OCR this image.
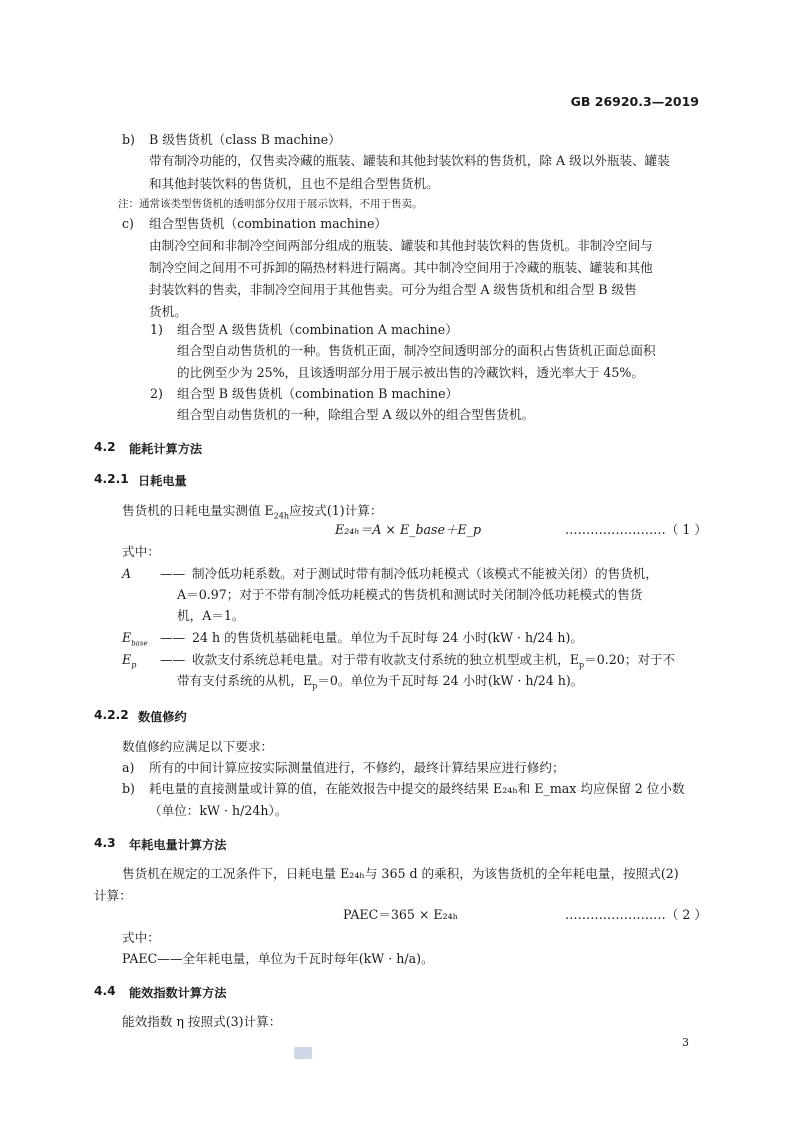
GB 26920.3—2019
b) B 级售货机（class B machine）
带有制冷功能的，仅售卖冷藏的瓶装、罐装和其他封装饮料的售货机，除 A 级以外瓶装、罐装
和其他封装饮料的售货机，且也不是组合型售货机。
注：通常该类型售货机的透明部分仅用于展示饮料，不用于售卖。
c) 组合型售货机（combination machine）
由制冷空间和非制冷空间两部分组成的瓶装、罐装和其他封装饮料的售货机。非制冷空间与
制冷空间之间用不可拆卸的隔热材料进行隔离。其中制冷空间用于冷藏的瓶装、罐装和其他
封装饮料的售卖，非制冷空间用于其他售卖。可分为组合型 A 级售货机和组合型 B 级售
货机。
1) 组合型 A 级售货机（combination A machine）
组合型自动售货机的一种。售货机正面，制冷空间透明部分的面积占售货机正面总面积
的比例至少为 25%，且该透明部分用于展示被出售的冷藏饮料，透光率大于 45%。
2) 组合型 B 级售货机（combination B machine）
组合型自动售货机的一种，除组合型 A 级以外的组合型售货机。
4.2 能耗计算方法
4.2.1 日耗电量
售货机的日耗电量实测值 $E_{24h}$应按式(1)计算：
E₂₄ₕ＝A × E_base＋E_p	……………………（ 1 ）
式中：
A —— 制冷低功耗系数。对于测试时带有制冷低功耗模式（该模式不能被关闭）的售货机，
A＝0.97；对于不带有制冷低功耗模式的售货机和测试时关闭制冷低功耗模式的售货
机，A＝1。
$E_{base}$ —— 24 h 的售货机基础耗电量。单位为千瓦时每 24 小时(kW · h/24 h)。
$E_p$ —— 收款支付系统总耗电量。对于带有收款支付系统的独立机型或主机，$E_p=0.20$；对于不
带有支付系统的从机，$E_p=0$。单位为千瓦时每 24 小时(kW · h/24 h)。
4.2.2 数值修约
数值修约应满足以下要求：
a) 所有的中间计算应按实际测量值进行，不修约，最终计算结果应进行修约；
b) 耗电量的直接测量或计算的值，在能效报告中提交的最终结果 E₂₄ₕ和 E_max 均应保留 2 位小数
（单位：kW · h/24h）。
4.3 年耗电量计算方法
售货机在规定的工况条件下，日耗电量 E₂₄ₕ与 365 d 的乘积，为该售货机的全年耗电量，按照式(2)
计算：
PAEC＝365 × E₂₄ₕ	……………………（ 2 ）
式中：
PAEC——全年耗电量，单位为千瓦时每年(kW · h/a)。
4.4 能效指数计算方法
能效指数 η 按照式(3)计算：
3
